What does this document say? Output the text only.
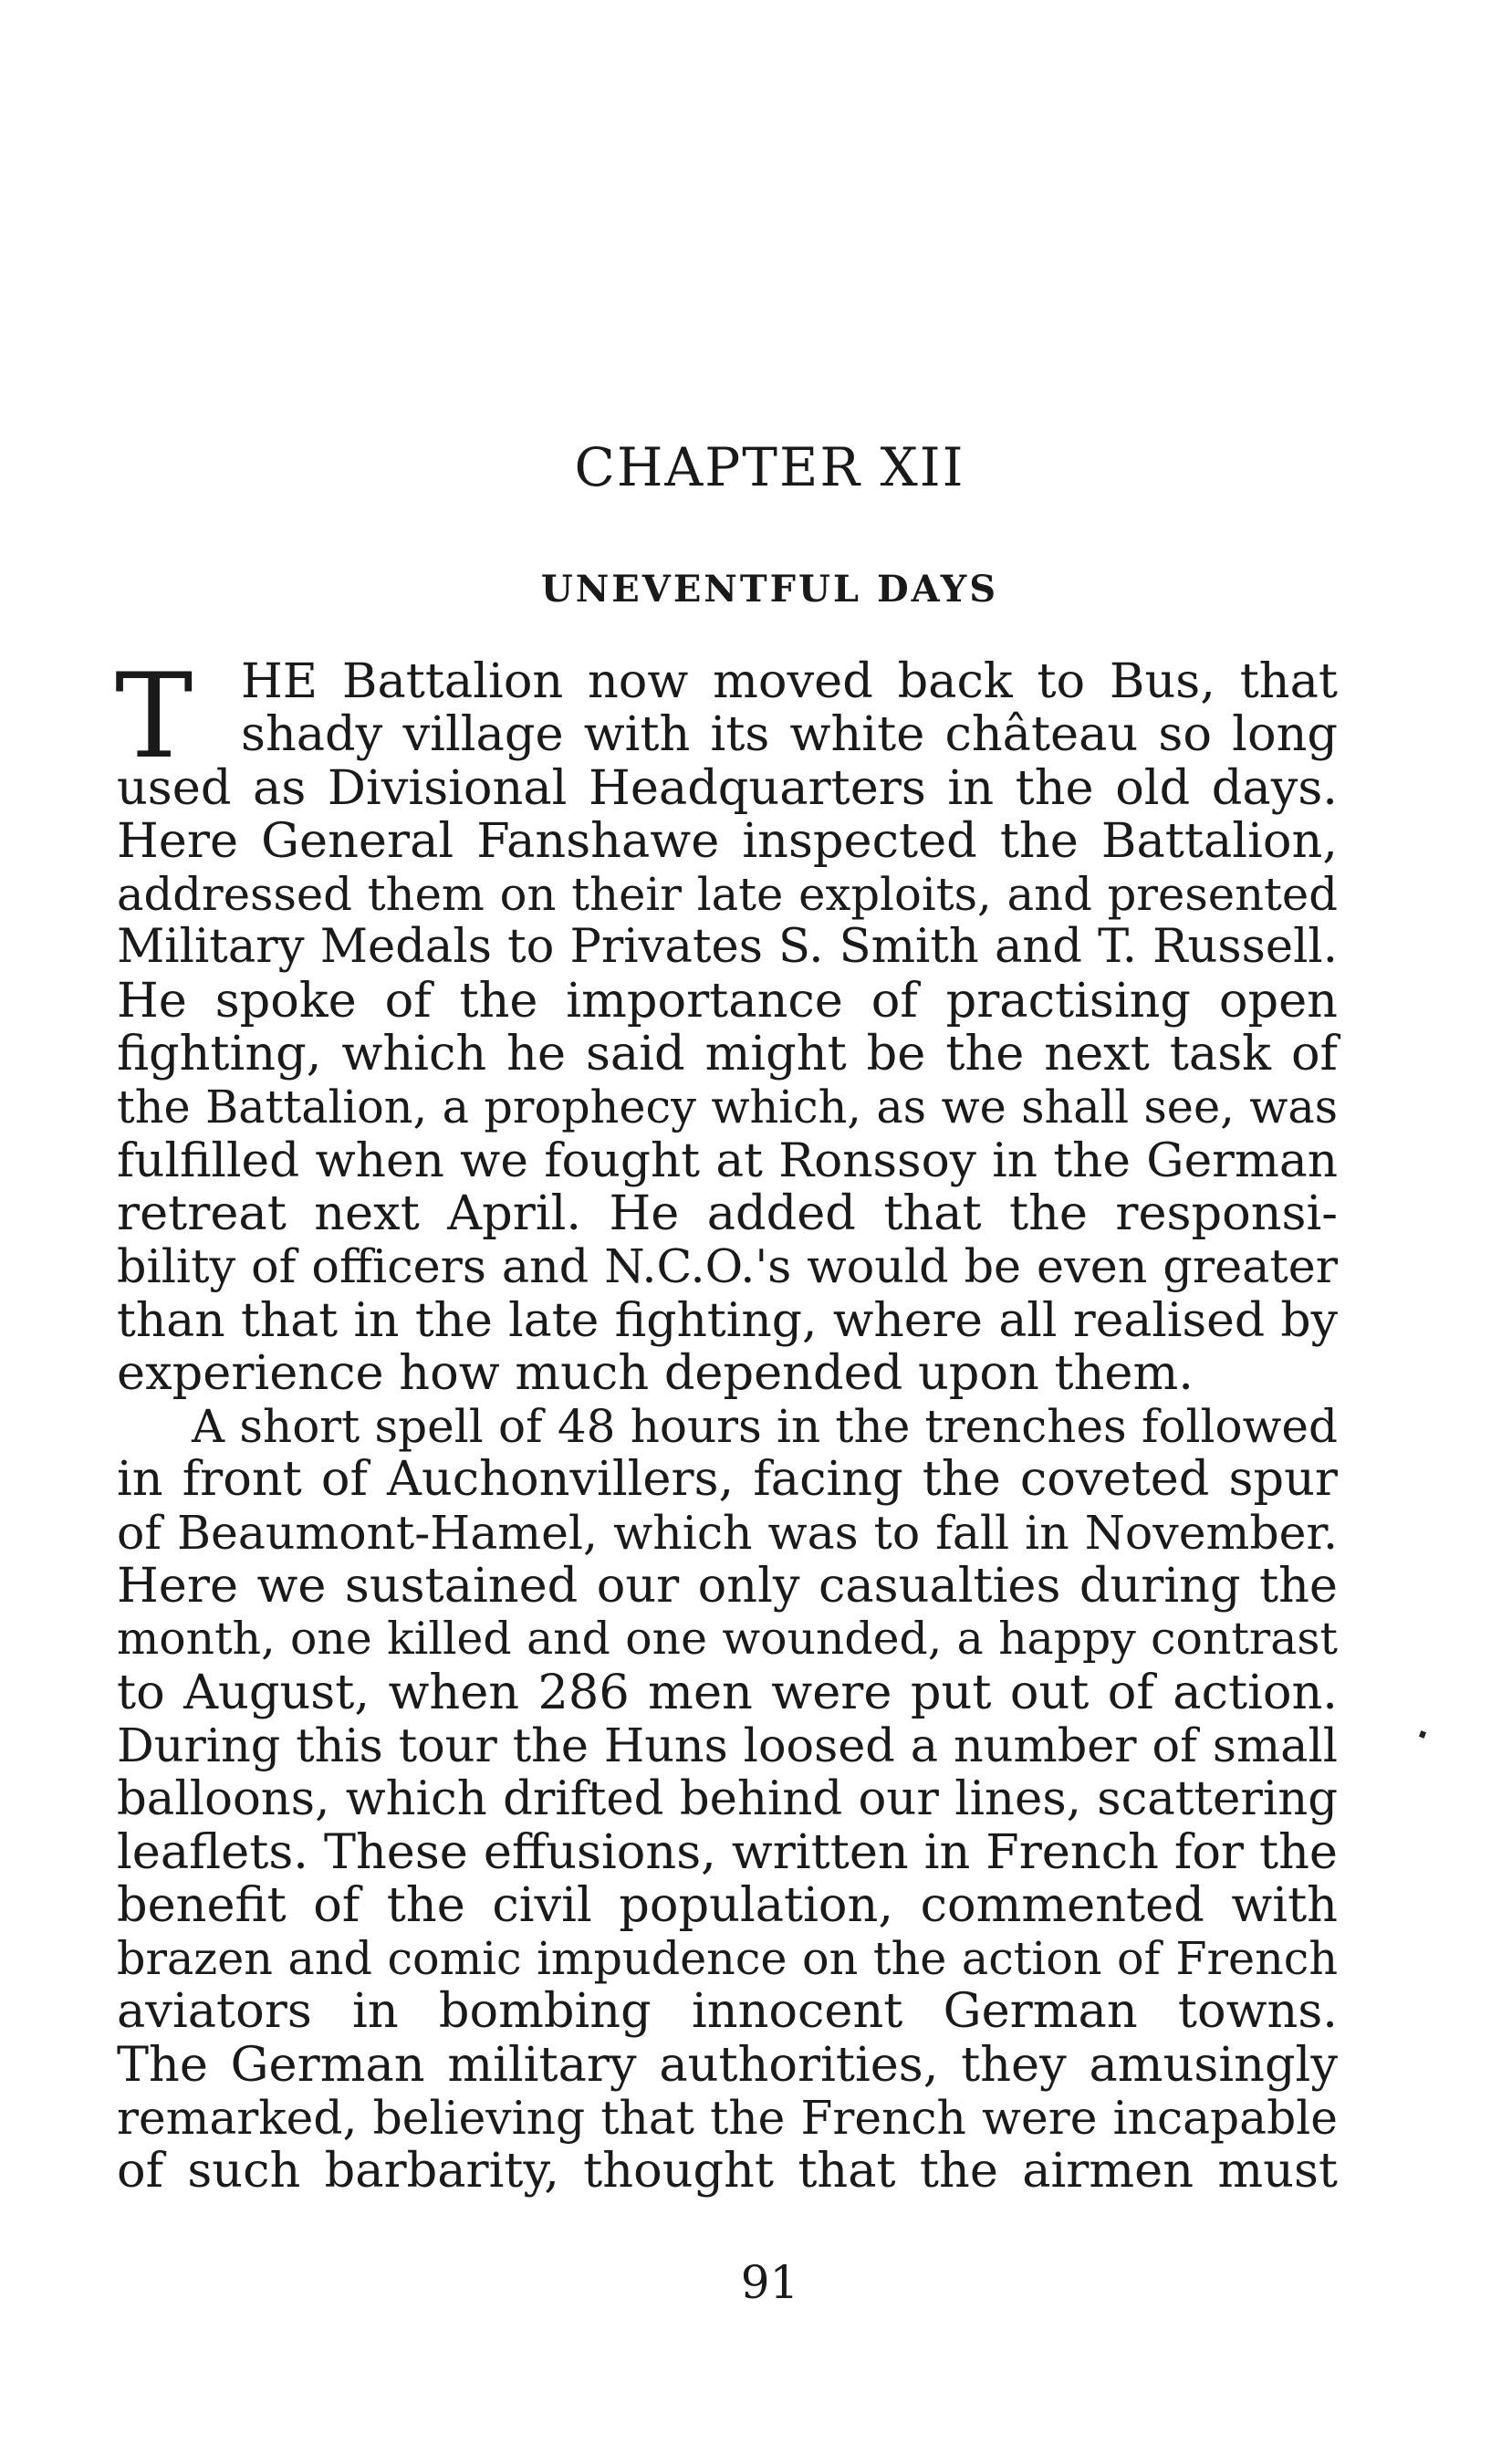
CHAPTER XII
UNEVENTFUL DAYS
T	HE Battalion now moved back to Bus, that
shady village with its white château so long
used as Divisional Headquarters in the old days.
Here General Fanshawe inspected the Battalion,
addressed them on their late exploits, and presented
Military Medals to Privates S. Smith and T. Russell.
He spoke of the importance of practising open
fighting, which he said might be the next task of
the Battalion, a prophecy which, as we shall see, was
fulfilled when we fought at Ronssoy in the German
retreat next April. He added that the responsi-
bility of officers and N.C.O.'s would be even greater
than that in the late fighting, where all realised by
experience how much depended upon them.
A short spell of 48 hours in the trenches followed
in front of Auchonvillers, facing the coveted spur
of Beaumont-Hamel, which was to fall in November.
Here we sustained our only casualties during the
month, one killed and one wounded, a happy contrast
to August, when 286 men were put out of action.
During this tour the Huns loosed a number of small
balloons, which drifted behind our lines, scattering
leaflets. These effusions, written in French for the
benefit of the civil population, commented with
brazen and comic impudence on the action of French
aviators in bombing innocent German towns.
The German military authorities, they amusingly
remarked, believing that the French were incapable
of such barbarity, thought that the airmen must
91
